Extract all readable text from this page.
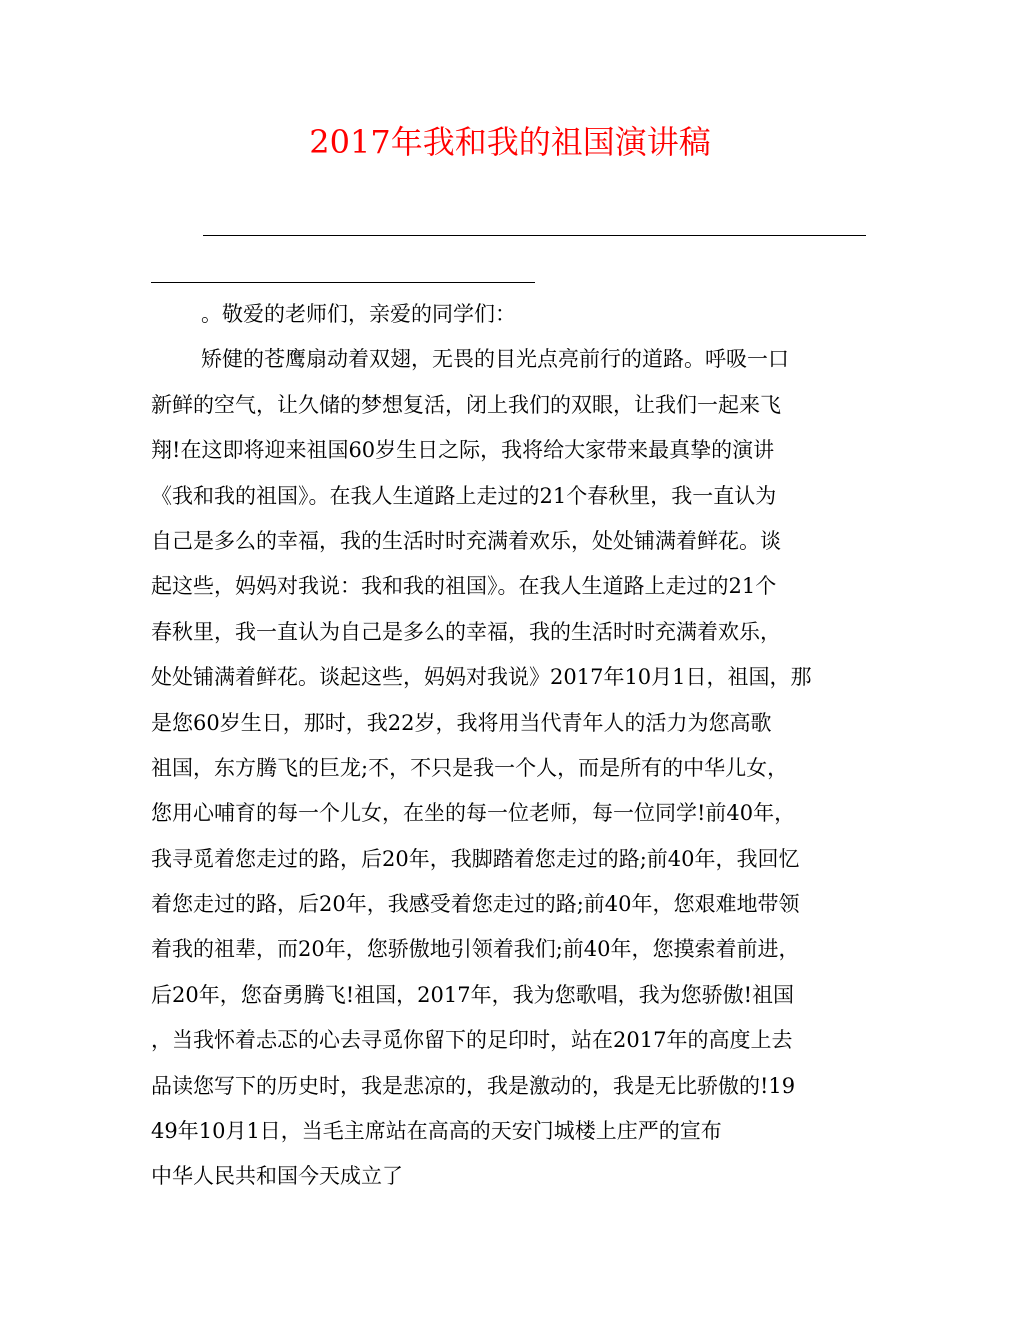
2017年我和我的祖国演讲稿
。敬爱的老师们，亲爱的同学们：
矫健的苍鹰扇动着双翅，无畏的目光点亮前行的道路。呼吸一口
新鲜的空气，让久储的梦想复活，闭上我们的双眼，让我们一起来飞
翔!在这即将迎来祖国60岁生日之际，我将给大家带来最真挚的演讲
《我和我的祖国》。在我人生道路上走过的21个春秋里，我一直认为
自己是多么的幸福，我的生活时时充满着欢乐，处处铺满着鲜花。谈
起这些，妈妈对我说：我和我的祖国》。在我人生道路上走过的21个
春秋里，我一直认为自己是多么的幸福，我的生活时时充满着欢乐，
处处铺满着鲜花。谈起这些，妈妈对我说》2017年10月1日，祖国，那
是您60岁生日，那时，我22岁，我将用当代青年人的活力为您高歌
祖国，东方腾飞的巨龙;不，不只是我一个人，而是所有的中华儿女，
您用心哺育的每一个儿女，在坐的每一位老师，每一位同学!前40年，
我寻觅着您走过的路，后20年，我脚踏着您走过的路;前40年，我回忆
着您走过的路，后20年，我感受着您走过的路;前40年，您艰难地带领
着我的祖辈，而20年，您骄傲地引领着我们;前40年，您摸索着前进，
后20年，您奋勇腾飞!祖国，2017年，我为您歌唱，我为您骄傲!祖国
，当我怀着忐忑的心去寻觅你留下的足印时，站在2017年的高度上去
品读您写下的历史时，我是悲凉的，我是激动的，我是无比骄傲的!19
49年10月1日，当毛主席站在高高的天安门城楼上庄严的宣布
中华人民共和国今天成立了
